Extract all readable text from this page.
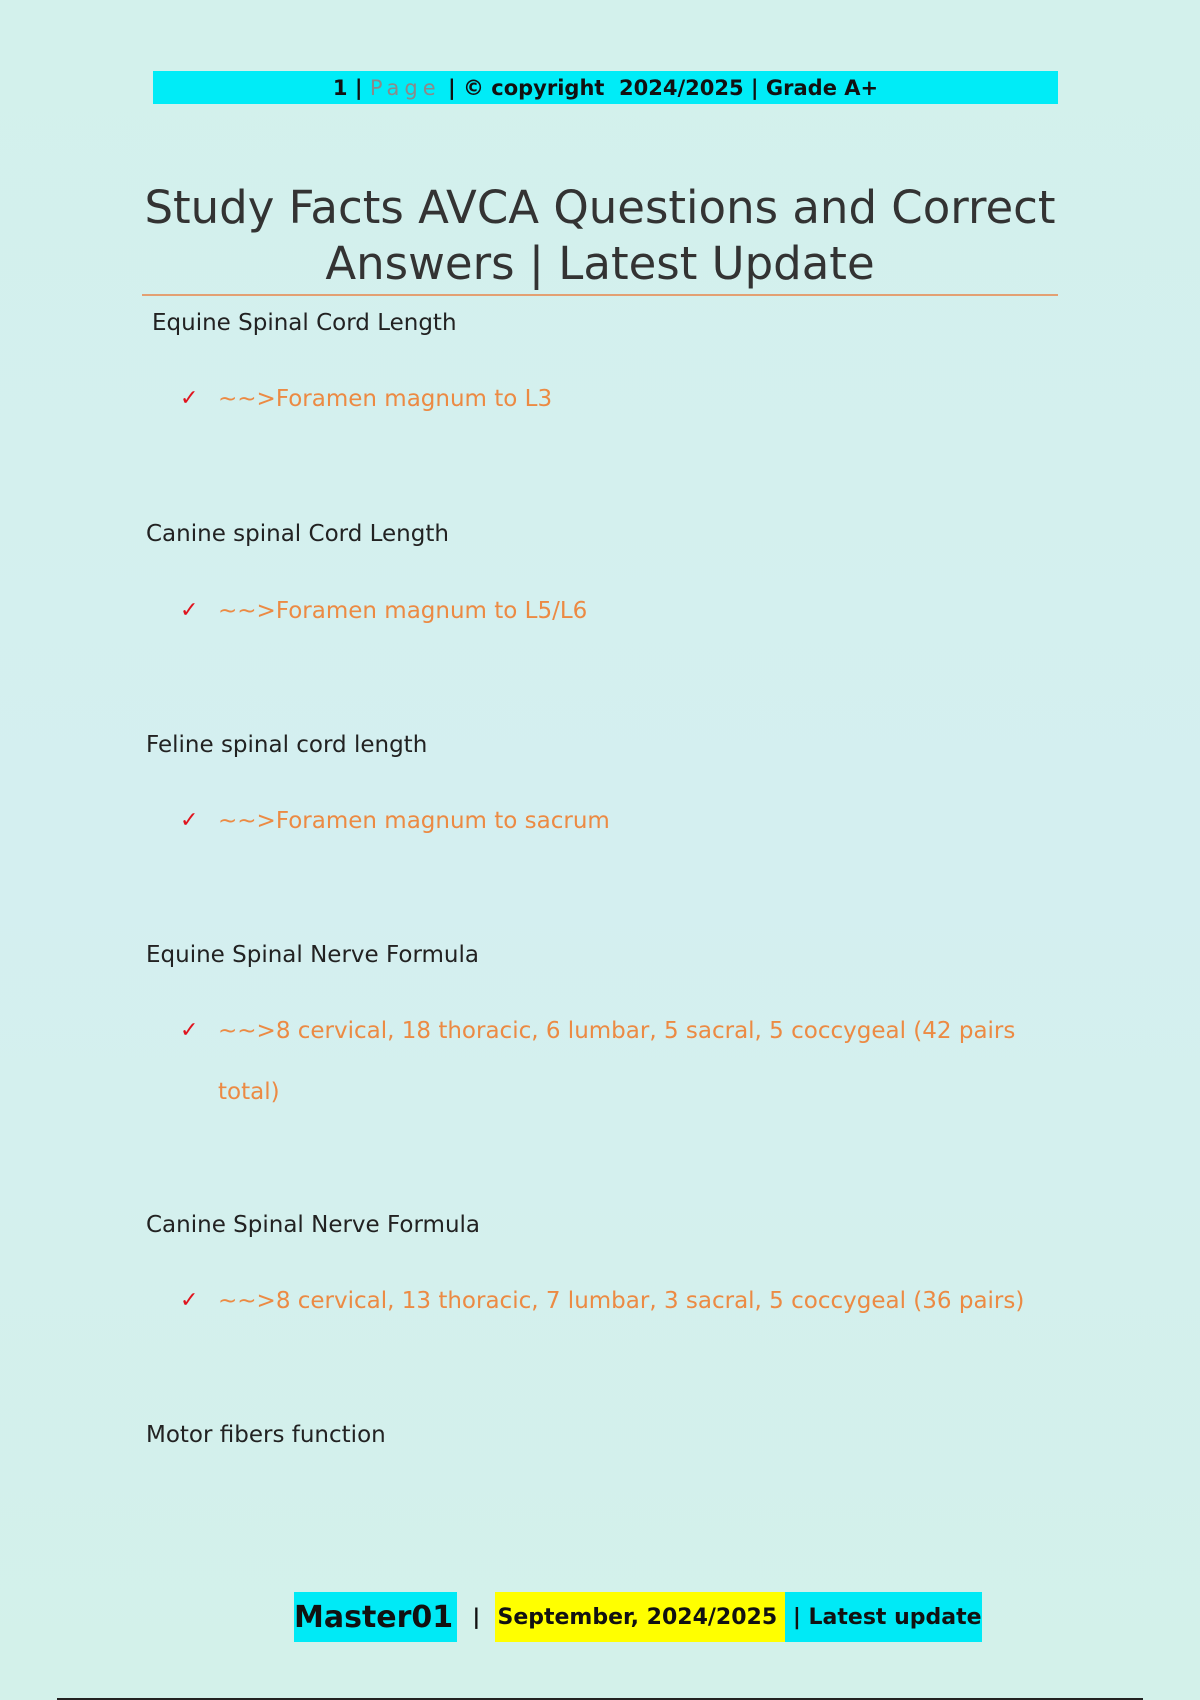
1 | Page | © copyright  2024/2025 | Grade A+
Study Facts AVCA Questions and Correct
Answers | Latest Update
Equine Spinal Cord Length
✓ ~~>Foramen magnum to L3
Canine spinal Cord Length
✓ ~~>Foramen magnum to L5/L6
Feline spinal cord length
✓ ~~>Foramen magnum to sacrum
Equine Spinal Nerve Formula
✓ ~~>8 cervical, 18 thoracic, 6 lumbar, 5 sacral, 5 coccygeal (42 pairs total)
Canine Spinal Nerve Formula
✓ ~~>8 cervical, 13 thoracic, 7 lumbar, 3 sacral, 5 coccygeal (36 pairs)
Motor fibers function
Master01 | September, 2024/2025 | Latest update
